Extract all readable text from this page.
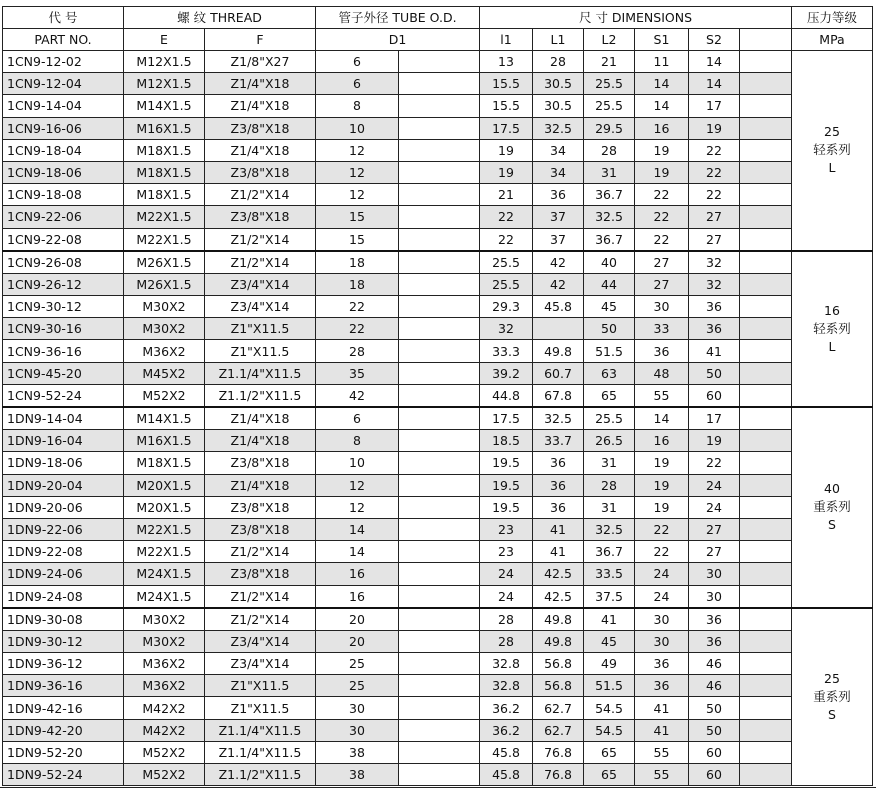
代 号	螺 纹 THREAD		管子外径 TUBE O.D.		尺 寸 DIMENSIONS						压力等级
PART NO.	E	F	D1		l1	L1	L2	S1	S2		MPa
1CN9-12-02	M12X1.5	Z1/8"X27	6		13	28	21	11	14		25
轻系列
L

1CN9-12-04	M12X1.5	Z1/4"X18	6		15.5	30.5	25.5	14	14		
1CN9-14-04	M14X1.5	Z1/4"X18	8		15.5	30.5	25.5	14	17		
1CN9-16-06	M16X1.5	Z3/8"X18	10		17.5	32.5	29.5	16	19		
1CN9-18-04	M18X1.5	Z1/4"X18	12		19	34	28	19	22		
1CN9-18-06	M18X1.5	Z3/8"X18	12		19	34	31	19	22		
1CN9-18-08	M18X1.5	Z1/2"X14	12		21	36	36.7	22	22		
1CN9-22-06	M22X1.5	Z3/8"X18	15		22	37	32.5	22	27		
1CN9-22-08	M22X1.5	Z1/2"X14	15		22	37	36.7	22	27		
1CN9-26-08	M26X1.5	Z1/2"X14	18		25.5	42	40	27	32		16
轻系列
L

1CN9-26-12	M26X1.5	Z3/4"X14	18		25.5	42	44	27	32		
1CN9-30-12	M30X2	Z3/4"X14	22		29.3	45.8	45	30	36		
1CN9-30-16	M30X2	Z1"X11.5	22		32		50	33	36		
1CN9-36-16	M36X2	Z1"X11.5	28		33.3	49.8	51.5	36	41		
1CN9-45-20	M45X2	Z1.1/4"X11.5	35		39.2	60.7	63	48	50		
1CN9-52-24	M52X2	Z1.1/2"X11.5	42		44.8	67.8	65	55	60		
1DN9-14-04	M14X1.5	Z1/4"X18	6		17.5	32.5	25.5	14	17		40
重系列
S

1DN9-16-04	M16X1.5	Z1/4"X18	8		18.5	33.7	26.5	16	19		
1DN9-18-06	M18X1.5	Z3/8"X18	10		19.5	36	31	19	22		
1DN9-20-04	M20X1.5	Z1/4"X18	12		19.5	36	28	19	24		
1DN9-20-06	M20X1.5	Z3/8"X18	12		19.5	36	31	19	24		
1DN9-22-06	M22X1.5	Z3/8"X18	14		23	41	32.5	22	27		
1DN9-22-08	M22X1.5	Z1/2"X14	14		23	41	36.7	22	27		
1DN9-24-06	M24X1.5	Z3/8"X18	16		24	42.5	33.5	24	30		
1DN9-24-08	M24X1.5	Z1/2"X14	16		24	42.5	37.5	24	30		
1DN9-30-08	M30X2	Z1/2"X14	20		28	49.8	41	30	36		25
重系列
S

1DN9-30-12	M30X2	Z3/4"X14	20		28	49.8	45	30	36		
1DN9-36-12	M36X2	Z3/4"X14	25		32.8	56.8	49	36	46		
1DN9-36-16	M36X2	Z1"X11.5	25		32.8	56.8	51.5	36	46		
1DN9-42-16	M42X2	Z1"X11.5	30		36.2	62.7	54.5	41	50		
1DN9-42-20	M42X2	Z1.1/4"X11.5	30		36.2	62.7	54.5	41	50		
1DN9-52-20	M52X2	Z1.1/4"X11.5	38		45.8	76.8	65	55	60		
1DN9-52-24	M52X2	Z1.1/2"X11.5	38		45.8	76.8	65	55	60		
